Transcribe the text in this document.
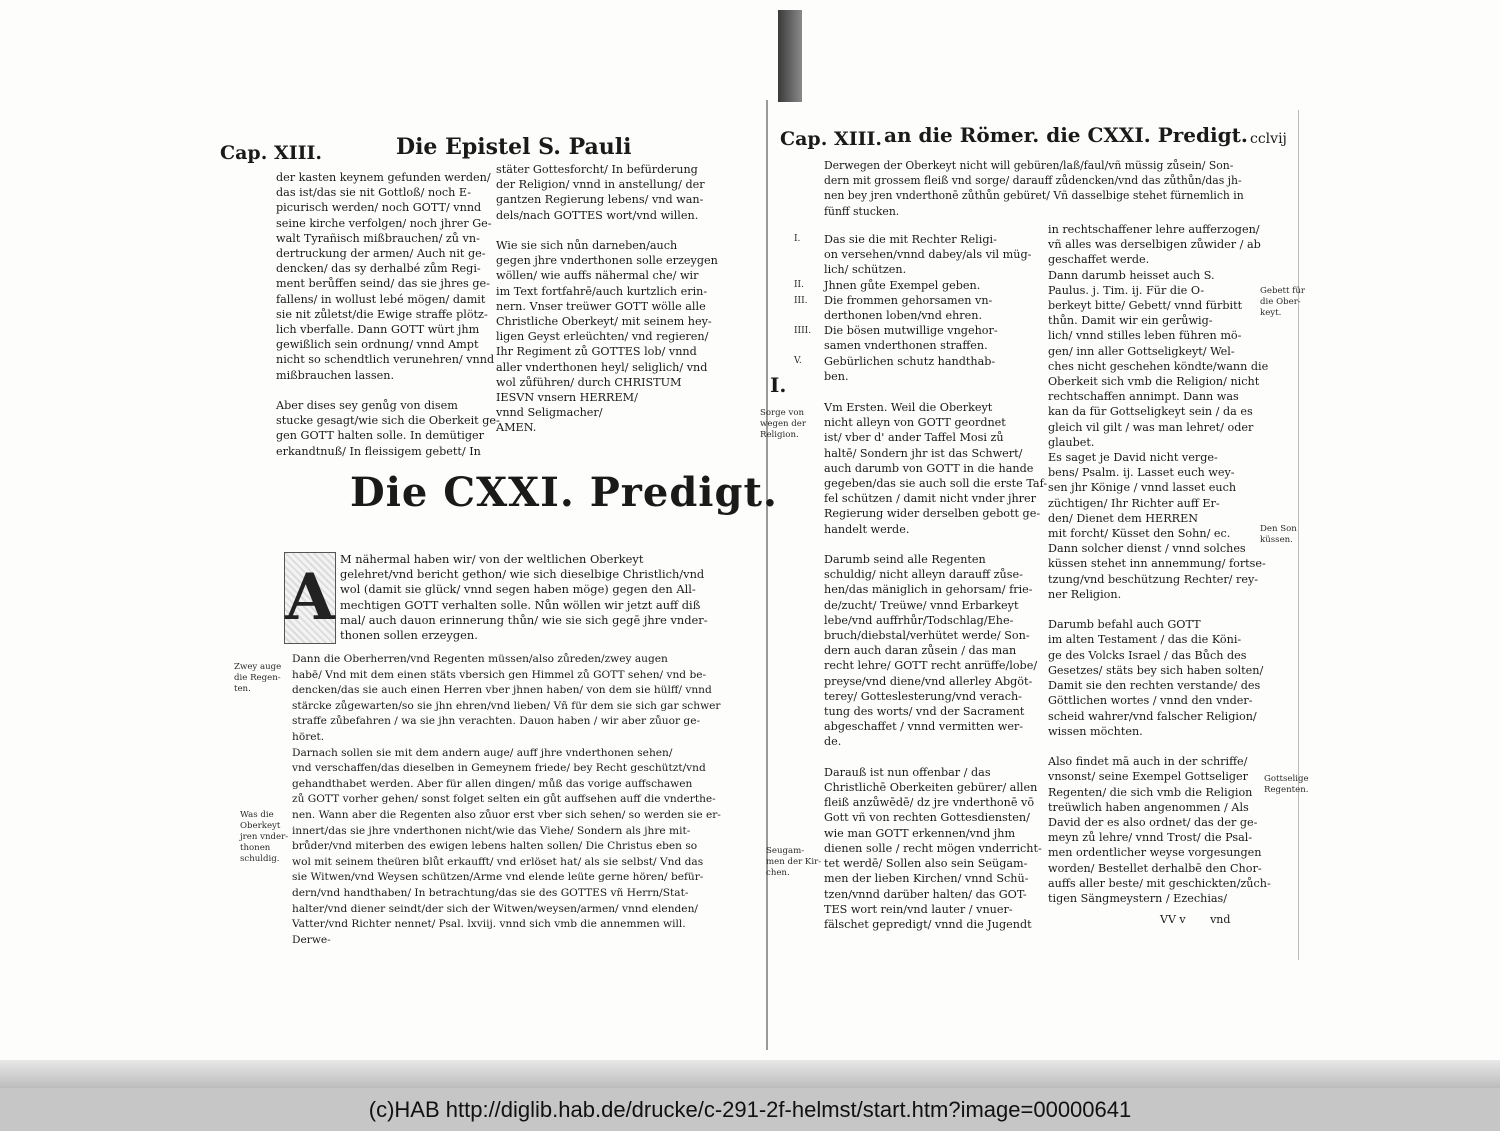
Cap. XIII.	Die Epistel S. Pauli

der kasten keynem gefunden werden/

das ist/das sie nit Gottloß/ noch E-

picurisch werden/ noch GOTT/ vnnd

seine kirche verfolgen/ noch jhrer Ge-

walt Tyrañisch mißbrauchen/ zů vn-

dertruckung der armen/ Auch nit ge-

dencken/ das sy derhalbé zům Regi-

ment berůffen seind/ das sie jhres ge-

fallens/ in wollust lebé mögen/ damit

sie nit zůletst/die Ewige straffe plötz-

lich vberfalle. Dann GOTT würt jhm

gewißlich sein ordnung/ vnnd Ampt

nicht so schendtlich verunehren/ vnnd

mißbrauchen lassen.

Aber dises sey genůg von disem

stucke gesagt/wie sich die Oberkeit ge-

gen GOTT halten solle. In demütiger

erkandtnuß/ In fleissigem gebett/ In

stäter Gottesforcht/ In befürderung

der Religion/ vnnd in anstellung/ der

gantzen Regierung lebens/ vnd wan-

dels/nach GOTTES wort/vnd willen.

Wie sie sich nůn darneben/auch

gegen jhre vnderthonen solle erzeygen

wöllen/ wie auffs nähermal che/ wir

im Text fortfahrē/auch kurtzlich erin-

nern. Vnser treüwer GOTT wölle alle

Christliche Oberkeyt/ mit seinem hey-

ligen Geyst erleüchten/ vnd regieren/

Ihr Regiment zů GOTTES lob/ vnnd

aller vnderthonen heyl/ seliglich/ vnd

wol zůführen/ durch CHRISTUM

IESVN vnsern HERREM/

vnnd Seligmacher/

AMEN.

Die CXXI. Predigt.
A

M nähermal haben wir/ von der weltlichen Oberkeyt

gelehret/vnd bericht gethon/ wie sich dieselbige Christlich/vnd

wol (damit sie glück/ vnnd segen haben möge) gegen den All-

mechtigen GOTT verhalten solle. Nůn wöllen wir jetzt auff diß

mal/ auch dauon erinnerung thůn/ wie sie sich gegē jhre vnder-

thonen sollen erzeygen.

Dann die Oberherren/vnd Regenten müssen/also zůreden/zwey augen

habē/ Vnd mit dem einen stäts vbersich gen Himmel zů GOTT sehen/ vnd be-

dencken/das sie auch einen Herren vber jhnen haben/ von dem sie hülff/ vnnd

stärcke zůgewarten/so sie jhn ehren/vnd lieben/ Vñ für dem sie sich gar schwer

straffe zůbefahren / wa sie jhn verachten. Dauon haben / wir aber zůuor ge-

höret.

Darnach sollen sie mit dem andern auge/ auff jhre vnderthonen sehen/

vnd verschaffen/das dieselben in Gemeynem friede/ bey Recht geschützt/vnd

gehandthabet werden. Aber für allen dingen/ můß das vorige auffschawen

zů GOTT vorher gehen/ sonst folget selten ein gůt auffsehen auff die vnderthe-

nen. Wann aber die Regenten also zůuor erst vber sich sehen/ so werden sie er-

innert/das sie jhre vnderthonen nicht/wie das Viehe/ Sondern als jhre mit-

brůder/vnd miterben des ewigen lebens halten sollen/ Die Christus eben so

wol mit seinem theüren blůt erkaufft/ vnd erlöset hat/ als sie selbst/ Vnd das

sie Witwen/vnd Weysen schützen/Arme vnd elende leüte gerne hören/ befür-

dern/vnd handthaben/ In betrachtung/das sie des GOTTES vñ Herrn/Stat-

halter/vnd diener seindt/der sich der Witwen/weysen/armen/ vnnd elenden/

Vatter/vnd Richter nennet/ Psal. lxviij. vnnd sich vmb die annemmen will.

Derwe-

Zwey auge

die Regen-

ten.

Was die

Oberkeyt

jren vnder-

thonen

schuldig.

Cap. XIII. an die Römer. die CXXI. Predigt. cclvij

Derwegen der Oberkeyt nicht will gebüren/laß/faul/vñ müssig zůsein/ Son-

dern mit grossem fleiß vnd sorge/ darauff zůdencken/vnd das zůthůn/das jh-

nen bey jren vnderthonē zůthůn gebüret/ Vñ dasselbige stehet fürnemlich in

fünff stucken.

I.
II.
III.
IIII.
V.

Das sie die mit Rechter Religi-

on versehen/vnnd dabey/als vil müg-

lich/ schützen.

Jhnen gůte Exempel geben.

Die frommen gehorsamen vn-

derthonen loben/vnd ehren.

Die bösen mutwillige vngehor-

samen vnderthonen straffen.

Gebürlichen schutz handthab-

ben.

I.

Sorge von

wegen der

Religion.

Vm Ersten. Weil die Oberkeyt

nicht alleyn von GOTT geordnet

ist/ vber d' ander Taffel Mosi zů

haltē/ Sondern jhr ist das Schwert/

auch darumb von GOTT in die hande

gegeben/das sie auch soll die erste Taf-

fel schützen / damit nicht vnder jhrer

Regierung wider derselben gebott ge-

handelt werde.

Darumb seind alle Regenten

schuldig/ nicht alleyn darauff zůse-

hen/das mäniglich in gehorsam/ frie-

de/zucht/ Treüwe/ vnnd Erbarkeyt

lebe/vnd auffrhůr/Todschlag/Ehe-

bruch/diebstal/verhütet werde/ Son-

dern auch daran zůsein / das man

recht lehre/ GOTT recht anrüffe/lobe/

preyse/vnd diene/vnd allerley Abgöt-

terey/ Gotteslesterung/vnd verach-

tung des worts/ vnd der Sacrament

abgeschaffet / vnnd vermitten wer-

de.

Darauß ist nun offenbar / das

Christlichē Oberkeiten gebürer/ allen

fleiß anzůwēdē/ dz jre vnderthonē vō

Gott vñ von rechten Gottesdiensten/

wie man GOTT erkennen/vnd jhm

dienen solle / recht mögen vnderricht-

tet werdē/ Sollen also sein Seügam-

men der lieben Kirchen/ vnnd Schü-

tzen/vnnd darüber halten/ das GOT-

TES wort rein/vnd lauter / vnuer-

fälschet gepredigt/ vnnd die Jugendt

Seugam-

men der Kir-

chen.

in rechtschaffener lehre aufferzogen/

vñ alles was derselbigen zůwider / ab

geschaffet werde.

Dann darumb heisset auch S.

Paulus. j. Tim. ij. Für die O-

berkeyt bitte/ Gebett/ vnnd fürbitt

thůn. Damit wir ein gerůwig-

lich/ vnnd stilles leben führen mö-

gen/ inn aller Gottseligkeyt/ Wel-

ches nicht geschehen köndte/wann die

Oberkeit sich vmb die Religion/ nicht

rechtschaffen annimpt. Dann was

kan da für Gottseligkeyt sein / da es

gleich vil gilt / was man lehret/ oder

glaubet.

Es saget je David nicht verge-

bens/ Psalm. ij. Lasset euch wey-

sen jhr Könige / vnnd lasset euch

züchtigen/ Ihr Richter auff Er-

den/ Dienet dem HERREN

mit forcht/ Küsset den Sohn/ ec.

Dann solcher dienst / vnnd solches

küssen stehet inn annemmung/ fortse-

tzung/vnd beschützung Rechter/ rey-

ner Religion.

Darumb befahl auch GOTT

im alten Testament / das die Köni-

ge des Volcks Israel / das Bůch des

Gesetzes/ stäts bey sich haben solten/

Damit sie den rechten verstande/ des

Göttlichen wortes / vnnd den vnder-

scheid wahrer/vnd falscher Religion/

wissen möchten.

Also findet mā auch in der schriffe/

vnsonst/ seine Exempel Gottseliger

Regenten/ die sich vmb die Religion

treüwlich haben angenommen / Als

David der es also ordnet/ das der ge-

meyn zů lehre/ vnnd Trost/ die Psal-

men ordentlicher weyse vorgesungen

worden/ Bestellet derhalbē den Chor-

auffs aller beste/ mit geschickten/zůch-

tigen Sängmeystern / Ezechias/

Gebett für

die Ober-

keyt.

Den Son

küssen.

Gottselige

Regenten.

VV v       vnd
(c)HAB http://diglib.hab.de/drucke/c-291-2f-helmst/start.htm?image=00000641
